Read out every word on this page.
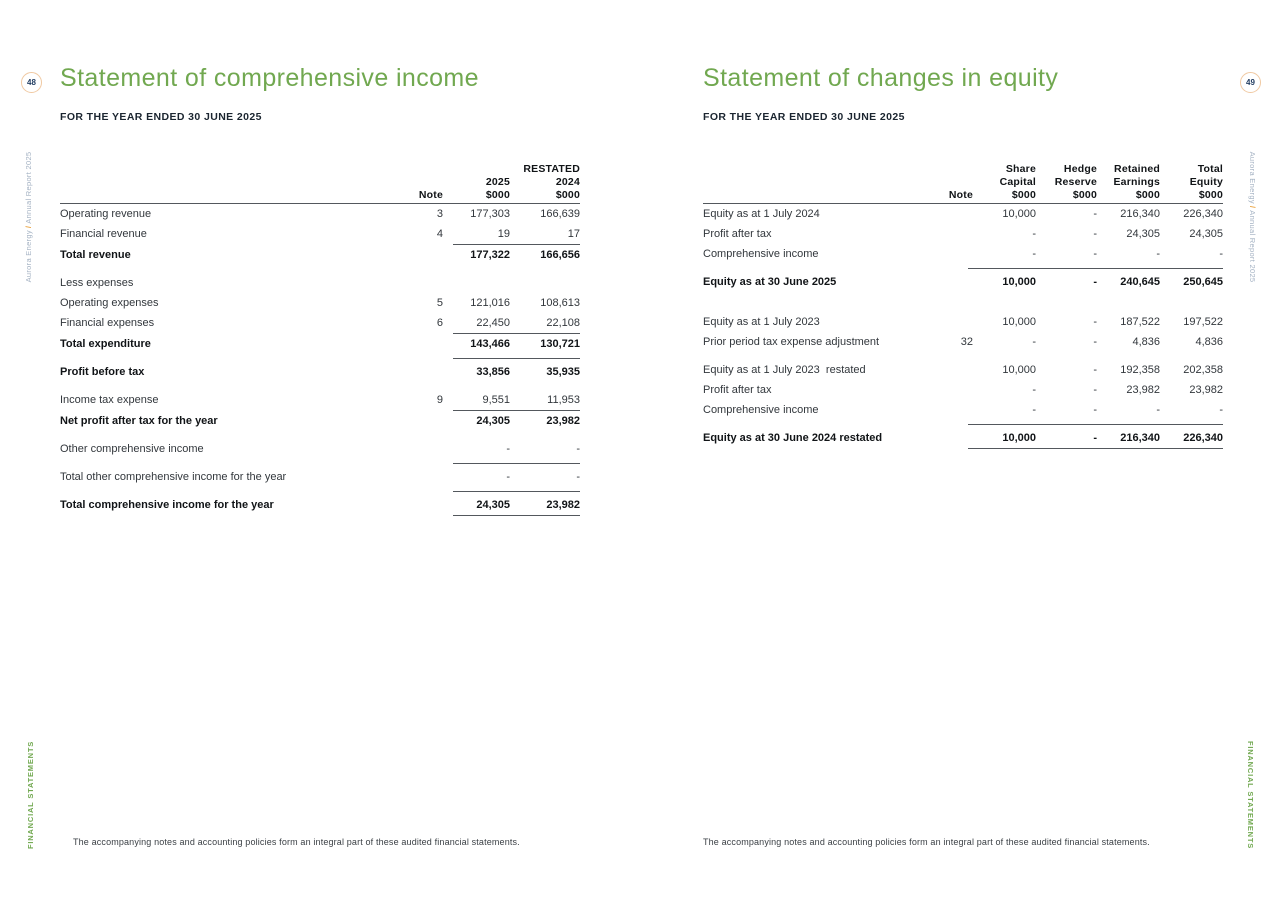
Aurora Energy/Annual Report 2025	Aurora Energy/Annual Report 2025
FINANCIAL STATEMENTS	FINANCIAL STATEMENTS
48	49
Statement of comprehensive income
FOR THE YEAR ENDED 30 JUNE 2025
RESTATED
2025	2024
Note	$000	$000
Operating revenue	3	177,303	166,639
Financial revenue	4	19	17
Total revenue	177,322	166,656
Less expenses
Operating expenses	5	121,016	108,613
Financial expenses	6	22,450	22,108
Total expenditure	143,466	130,721
Profit before tax	33,856	35,935
Income tax expense	9	9,551	11,953
Net profit after tax for the year	24,305	23,982
Other comprehensive income	-	-
Total other comprehensive income for the year	-	-
Total comprehensive income for the year	24,305	23,982
The accompanying notes and accounting policies form an integral part of these audited financial statements.
Statement of changes in equity
FOR THE YEAR ENDED 30 JUNE 2025
Share	Hedge	Retained	Total
Capital	Reserve	Earnings	Equity
Note	$000	$000	$000	$000
Equity as at 1 July 2024	10,000	-	216,340	226,340
Profit after tax	-	-	24,305	24,305
Comprehensive income	-	-	-	-
Equity as at 30 June 2025	10,000	-	240,645	250,645
Equity as at 1 July 2023	10,000	-	187,522	197,522
Prior period tax expense adjustment	32	-	-	4,836	4,836
Equity as at 1 July 2023  restated	10,000	-	192,358	202,358
Profit after tax	-	-	23,982	23,982
Comprehensive income	-	-	-	-
Equity as at 30 June 2024 restated	10,000	-	216,340	226,340
The accompanying notes and accounting policies form an integral part of these audited financial statements.
